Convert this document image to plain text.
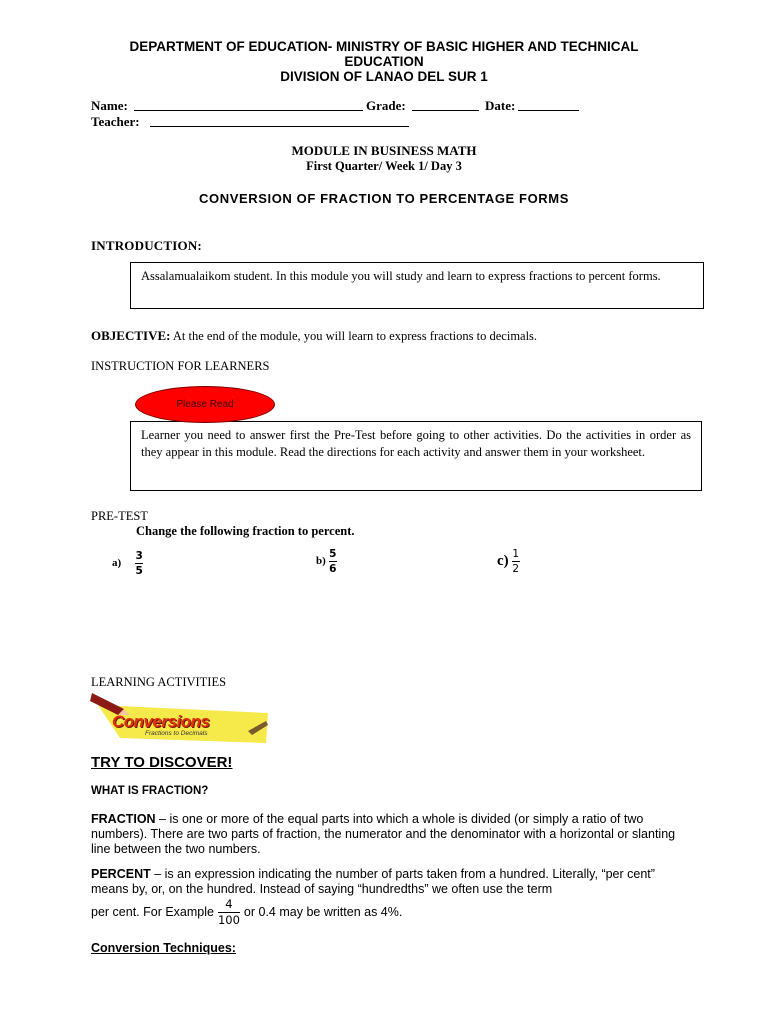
DEPARTMENT OF EDUCATION- MINISTRY OF BASIC HIGHER AND TECHNICAL
EDUCATION
DIVISION OF LANAO DEL SUR 1
Name:	Grade:	Date:
Teacher:
MODULE IN BUSINESS MATH
First Quarter/ Week 1/ Day 3
CONVERSION OF FRACTION TO PERCENTAGE FORMS
INTRODUCTION:

Assalamualaikom student. In this module you will study and learn to express fractions to percent forms.

OBJECTIVE: At the end of the module, you will learn to express fractions to decimals.
INSTRUCTION FOR LEARNERS

Learner you need to answer first the Pre-Test before going to other activities. Do the activities in order as they appear in this module. Read the directions for each activity and answer them in your worksheet.

Please Read
PRE-TEST
Change the following fraction to percent.
$a) \frac{3}{5}$	$b) \frac{5}{6}$	$c) \frac{1}{2}$
LEARNING ACTIVITIES
Conversions
Fractions to Decimals
TRY TO DISCOVER!
WHAT IS FRACTION?
FRACTION – is one or more of the equal parts into which a whole is divided (or simply a ratio of two numbers). There are two parts of fraction, the numerator and the denominator with a horizontal or slanting line between the two numbers.
PERCENT – is an expression indicating the number of parts taken from a hundred. Literally, “per cent” means by, or, on the hundred. Instead of saying “hundredths” we often use the term
per cent. For Example $\frac{4}{100}$ or 0.4 may be written as 4%.
Conversion Techniques:
